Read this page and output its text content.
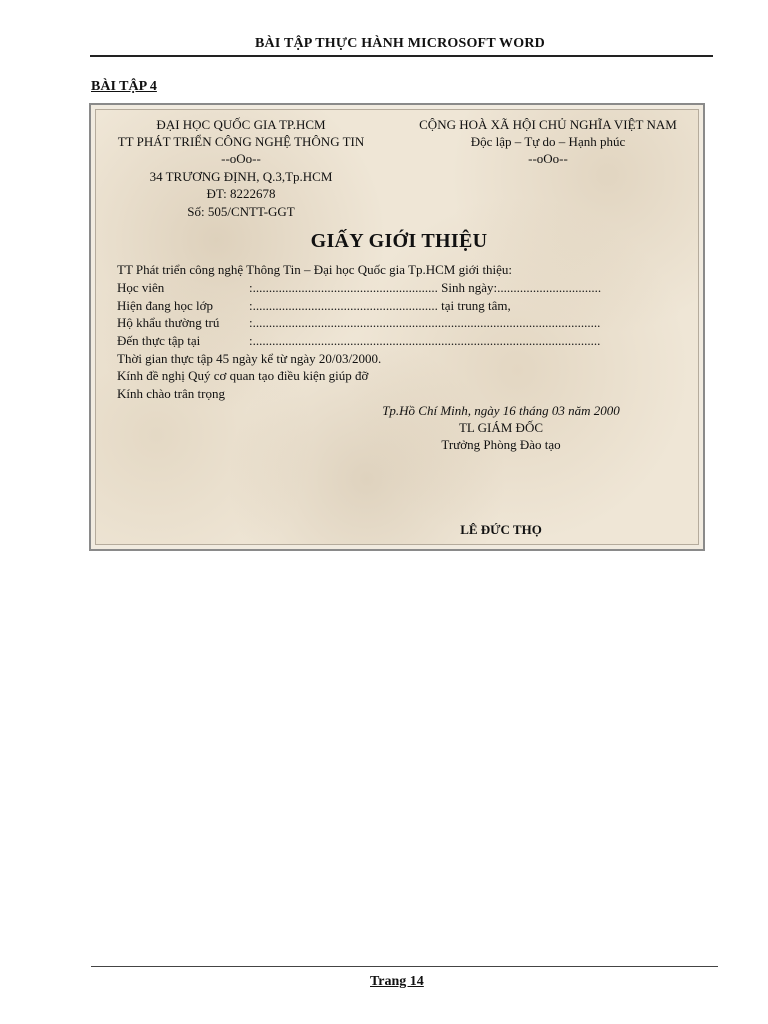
BÀI TẬP THỰC HÀNH MICROSOFT WORD
BÀI TẬP 4
ĐẠI HỌC QUỐC GIA TP.HCM
TT PHÁT TRIỂN CÔNG NGHỆ THÔNG TIN
--oOo--
34 TRƯƠNG ĐỊNH, Q.3,Tp.HCM
ĐT: 8222678
Số: 505/CNTT-GGT
CỘNG HOÀ XÃ HỘI CHỦ NGHĨA VIỆT NAM
Độc lập – Tự do – Hạnh phúc
--oOo--
GIẤY GIỚI THIỆU
TT Phát triển công nghệ Thông Tin – Đại học Quốc gia Tp.HCM giới thiệu:
Học viên	:......................................................... Sinh ngày:................................
Hiện đang học lớp	:......................................................... tại trung tâm,
Hộ khẩu thường trú :...........................................................................................................
Đến thực tập tại	:...........................................................................................................
Thời gian thực tập 45 ngày kể từ ngày 20/03/2000.
Kính đề nghị Quý cơ quan tạo điều kiện giúp đỡ
Kính chào trân trọng
Tp.Hồ Chí Minh, ngày 16 tháng 03 năm 2000
TL GIÁM ĐỐC
Trưởng Phòng Đào tạo
LÊ ĐỨC THỌ
Trang 14
